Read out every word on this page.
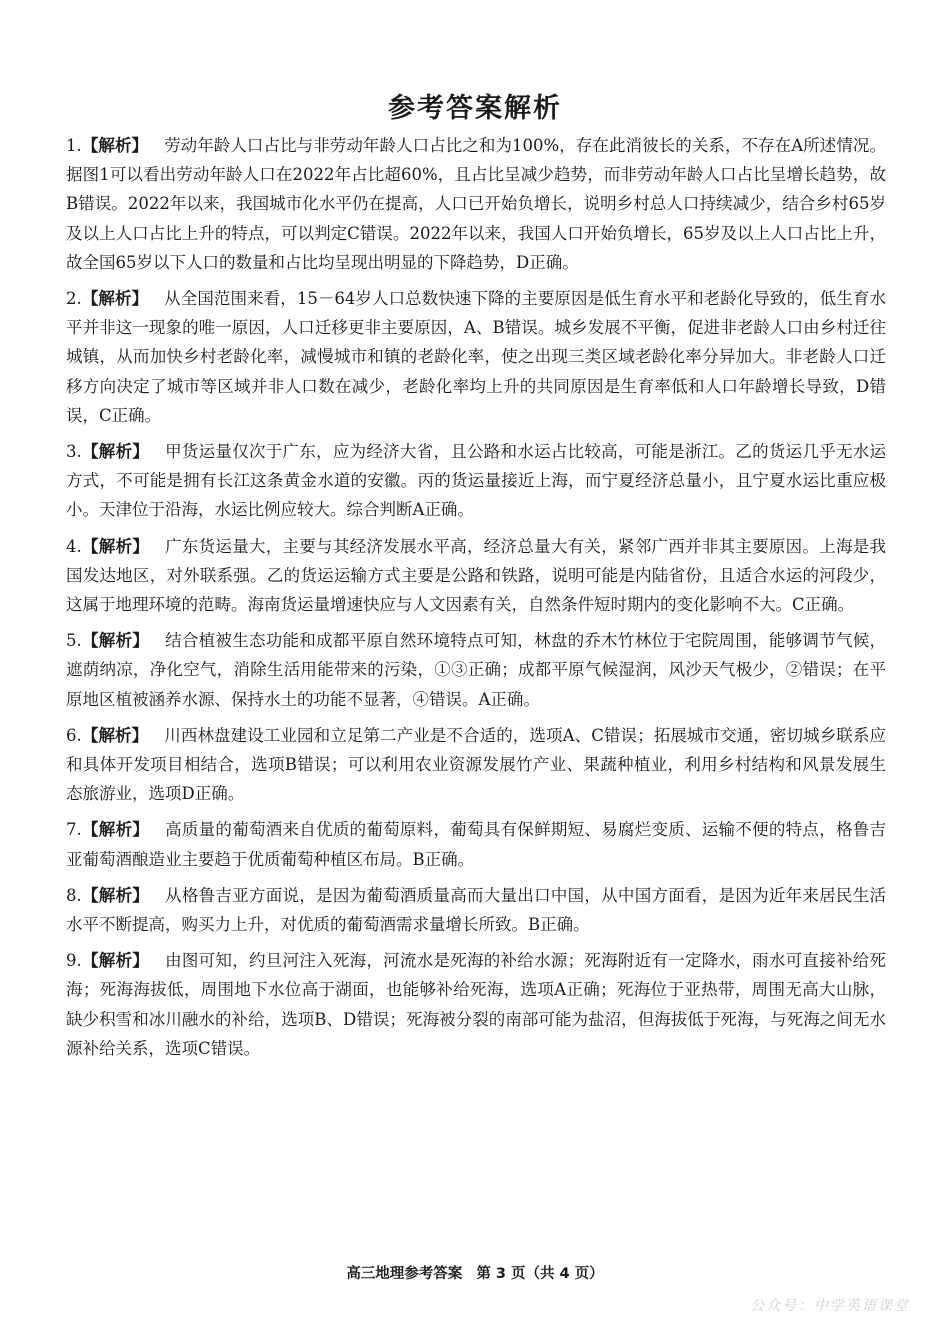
参考答案解析

1.【解析】 劳动年龄人口占比与非劳动年龄人口占比之和为100%，存在此消彼长的关系，不存在A所述情况。据图1可以看出劳动年龄人口在2022年占比超60%，且占比呈减少趋势，而非劳动年龄人口占比呈增长趋势，故B错误。2022年以来，我国城市化水平仍在提高，人口已开始负增长，说明乡村总人口持续减少，结合乡村65岁及以上人口占比上升的特点，可以判定C错误。2022年以来，我国人口开始负增长，65岁及以上人口占比上升，故全国65岁以下人口的数量和占比均呈现出明显的下降趋势，D正确。

2.【解析】 从全国范围来看，15－64岁人口总数快速下降的主要原因是低生育水平和老龄化导致的，低生育水平并非这一现象的唯一原因，人口迁移更非主要原因，A、B错误。城乡发展不平衡，促进非老龄人口由乡村迁往城镇，从而加快乡村老龄化率，减慢城市和镇的老龄化率，使之出现三类区域老龄化率分异加大。非老龄人口迁移方向决定了城市等区域并非人口数在减少，老龄化率均上升的共同原因是生育率低和人口年龄增长导致，D错误，C正确。

3.【解析】 甲货运量仅次于广东，应为经济大省，且公路和水运占比较高，可能是浙江。乙的货运几乎无水运方式，不可能是拥有长江这条黄金水道的安徽。丙的货运量接近上海，而宁夏经济总量小，且宁夏水运比重应极小。天津位于沿海，水运比例应较大。综合判断A正确。

4.【解析】 广东货运量大，主要与其经济发展水平高，经济总量大有关，紧邻广西并非其主要原因。上海是我国发达地区，对外联系强。乙的货运运输方式主要是公路和铁路，说明可能是内陆省份，且适合水运的河段少，这属于地理环境的范畴。海南货运量增速快应与人文因素有关，自然条件短时期内的变化影响不大。C正确。

5.【解析】 结合植被生态功能和成都平原自然环境特点可知，林盘的乔木竹林位于宅院周围，能够调节气候，遮荫纳凉，净化空气，消除生活用能带来的污染，①③正确；成都平原气候湿润，风沙天气极少，②错误；在平原地区植被涵养水源、保持水土的功能不显著，④错误。A正确。

6.【解析】 川西林盘建设工业园和立足第二产业是不合适的，选项A、C错误；拓展城市交通，密切城乡联系应和具体开发项目相结合，选项B错误；可以利用农业资源发展竹产业、果蔬种植业，利用乡村结构和风景发展生态旅游业，选项D正确。

7.【解析】 高质量的葡萄酒来自优质的葡萄原料，葡萄具有保鲜期短、易腐烂变质、运输不便的特点，格鲁吉亚葡萄酒酿造业主要趋于优质葡萄种植区布局。B正确。

8.【解析】 从格鲁吉亚方面说，是因为葡萄酒质量高而大量出口中国，从中国方面看，是因为近年来居民生活水平不断提高，购买力上升，对优质的葡萄酒需求量增长所致。B正确。

9.【解析】 由图可知，约旦河注入死海，河流水是死海的补给水源；死海附近有一定降水，雨水可直接补给死海；死海海拔低，周围地下水位高于湖面，也能够补给死海，选项A正确；死海位于亚热带，周围无高大山脉，缺少积雪和冰川融水的补给，选项B、D错误；死海被分裂的南部可能为盐沼，但海拔低于死海，与死海之间无水源补给关系，选项C错误。

高三地理参考答案 第 3 页（共 4 页）
公众号：中学英语课堂
